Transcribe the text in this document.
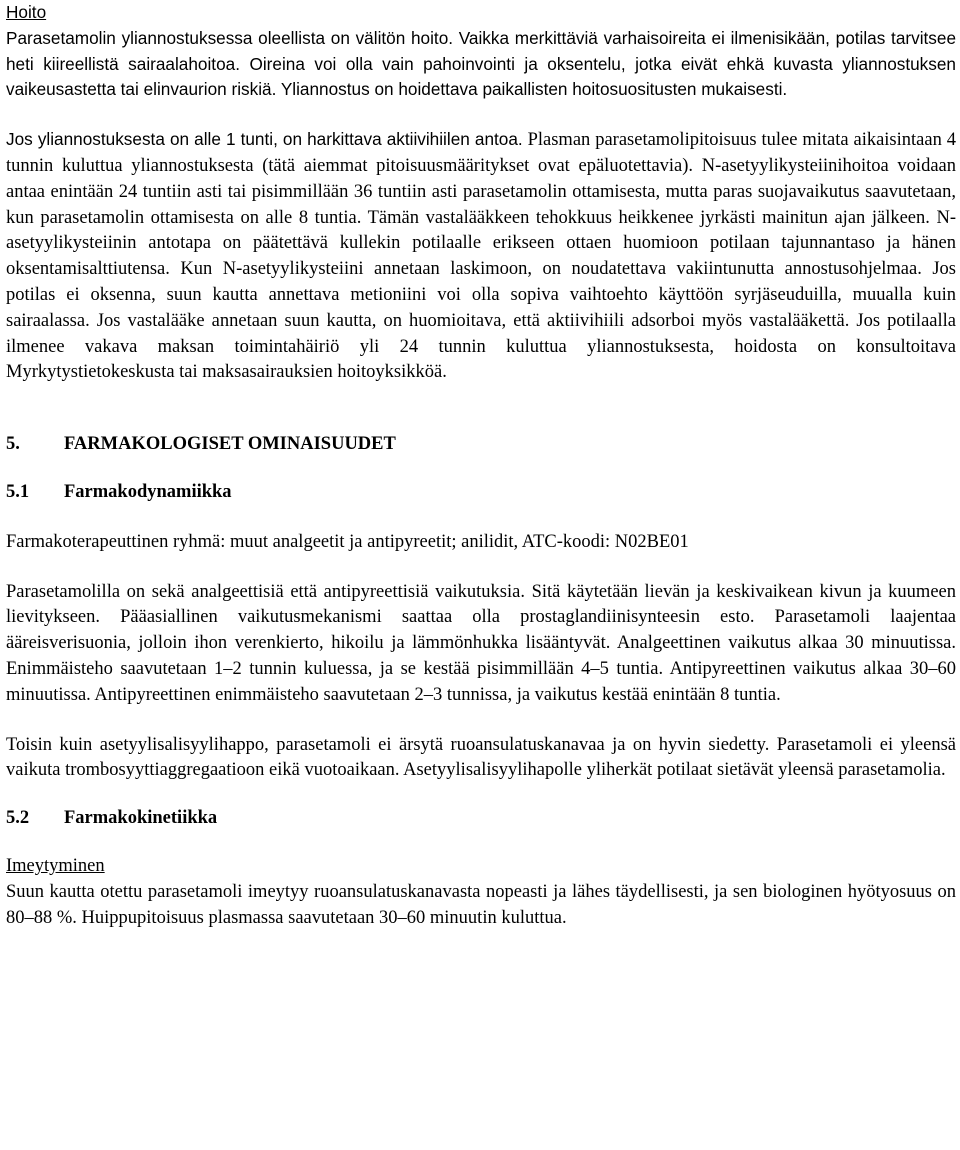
Hoito

Parasetamolin yliannostuksessa oleellista on välitön hoito. Vaikka merkittäviä varhaisoireita ei ilmenisikään, potilas tarvitsee heti kiireellistä sairaalahoitoa. Oireina voi olla vain pahoinvointi ja oksentelu, jotka eivät ehkä kuvasta yliannostuksen vaikeusastetta tai elinvaurion riskiä. Yliannostus on hoidettava paikallisten hoitosuositusten mukaisesti.

Jos yliannostuksesta on alle 1 tunti, on harkittava aktiivihiilen antoa. Plasman parasetamolipitoisuus tulee mitata aikaisintaan 4 tunnin kuluttua yliannostuksesta (tätä aiemmat pitoisuusmääritykset ovat epäluotettavia). N-asetyylikysteiinihoitoa voidaan antaa enintään 24 tuntiin asti tai pisimmillään 36 tuntiin asti parasetamolin ottamisesta, mutta paras suojavaikutus saavutetaan, kun parasetamolin ottamisesta on alle 8 tuntia. Tämän vastalääkkeen tehokkuus heikkenee jyrkästi mainitun ajan jälkeen. N-asetyylikysteiinin antotapa on päätettävä kullekin potilaalle erikseen ottaen huomioon potilaan tajunnantaso ja hänen oksentamisalttiutensa. Kun N-asetyylikysteiini annetaan laskimoon, on noudatettava vakiintunutta annostusohjelmaa. Jos potilas ei oksenna, suun kautta annettava metioniini voi olla sopiva vaihtoehto käyttöön syrjäseuduilla, muualla kuin sairaalassa. Jos vastalääke annetaan suun kautta, on huomioitava, että aktiivihiili adsorboi myös vastalääkettä. Jos potilaalla ilmenee vakava maksan toimintahäiriö yli 24 tunnin kuluttua yliannostuksesta, hoidosta on konsultoitava Myrkytystietokeskusta tai maksasairauksien hoitoyksikköä.

5. FARMAKOLOGISET OMINAISUUDET

5.1 Farmakodynamiikka

Farmakoterapeuttinen ryhmä: muut analgeetit ja antipyreetit; anilidit, ATC-koodi: N02BE01

Parasetamolilla on sekä analgeettisiä että antipyreettisiä vaikutuksia. Sitä käytetään lievän ja keskivaikean kivun ja kuumeen lievitykseen. Pääasiallinen vaikutusmekanismi saattaa olla prostaglandiinisynteesin esto. Parasetamoli laajentaa ääreisverisuonia, jolloin ihon verenkierto, hikoilu ja lämmönhukka lisääntyvät. Analgeettinen vaikutus alkaa 30 minuutissa. Enimmäisteho saavutetaan 1–2 tunnin kuluessa, ja se kestää pisimmillään 4–5 tuntia. Antipyreettinen vaikutus alkaa 30–60 minuutissa. Antipyreettinen enimmäisteho saavutetaan 2–3 tunnissa, ja vaikutus kestää enintään 8 tuntia.

Toisin kuin asetyylisalisyylihappo, parasetamoli ei ärsytä ruoansulatuskanavaa ja on hyvin siedetty. Parasetamoli ei yleensä vaikuta trombosyyttiaggregaatioon eikä vuotoaikaan. Asetyylisalisyylihapolle yliherkät potilaat sietävät yleensä parasetamolia.

5.2 Farmakokinetiikka

Imeytyminen

Suun kautta otettu parasetamoli imeytyy ruoansulatuskanavasta nopeasti ja lähes täydellisesti, ja sen biologinen hyötyosuus on 80–88 %. Huippupitoisuus plasmassa saavutetaan 30–60 minuutin kuluttua.
